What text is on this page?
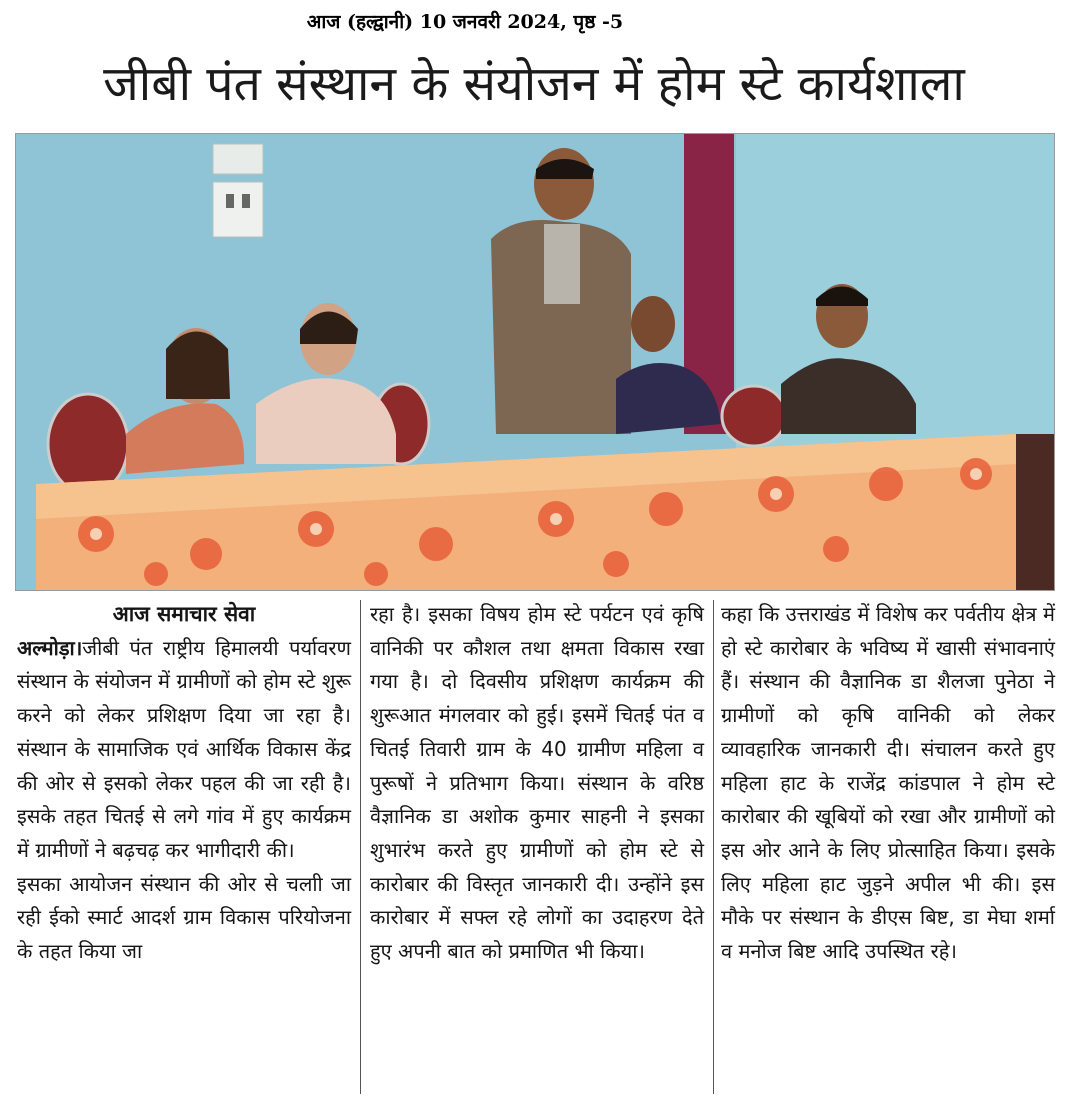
आज (हल्द्वानी) 10 जनवरी 2024, पृष्ठ -5
जीबी पंत संस्थान के संयोजन में होम स्टे कार्यशाला

आज समाचार सेवा

अल्मोड़ा।जीबी पंत राष्ट्रीय हिमालयी पर्यावरण संस्थान के संयोजन में ग्रामीणों को होम स्टे शुरू करने को लेकर प्रशिक्षण दिया जा रहा है। संस्थान के सामाजिक एवं आर्थिक विकास केंद्र की ओर से इसको लेकर पहल की जा रही है। इसके तहत चितई से लगे गांव में हुए कार्यक्रम में ग्रामीणों ने बढ़चढ़ कर भागीदारी की।

इसका आयोजन संस्थान की ओर से चलाी जा रही ईको स्मार्ट आदर्श ग्राम विकास परियोजना के तहत किया जा

रहा है। इसका विषय होम स्टे पर्यटन एवं कृषि वानिकी पर कौशल तथा क्षमता विकास रखा गया है। दो दिवसीय प्रशिक्षण कार्यक्रम की शुरूआत मंगलवार को हुई। इसमें चितई पंत व चितई तिवारी ग्राम के 40 ग्रामीण महिला व पुरूषों ने प्रतिभाग किया। संस्थान के वरिष्ठ वैज्ञानिक डा अशोक कुमार साहनी ने इसका शुभारंभ करते हुए ग्रामीणों को होम स्टे से कारोबार की विस्तृत जानकारी दी। उन्होंने इस कारोबार में सफ्ल रहे लोगों का उदाहरण देते हुए अपनी बात को प्रमाणित भी किया।

कहा कि उत्तराखंड में विशेष कर पर्वतीय क्षेत्र में हो स्टे कारोबार के भविष्य में खासी संभावनाएं हैं। संस्थान की वैज्ञानिक डा शैलजा पुनेठा ने ग्रामीणों को कृषि वानिकी को लेकर व्यावहारिक जानकारी दी। संचालन करते हुए महिला हाट के राजेंद्र कांडपाल ने होम स्टे कारोबार की खूबियों को रखा और ग्रामीणों को इस ओर आने के लिए प्रोत्साहित किया। इसके लिए महिला हाट जुड़ने अपील भी की। इस मौके पर संस्थान के डीएस बिष्ट, डा मेघा शर्मा व मनोज बिष्ट आदि उपस्थित रहे।
